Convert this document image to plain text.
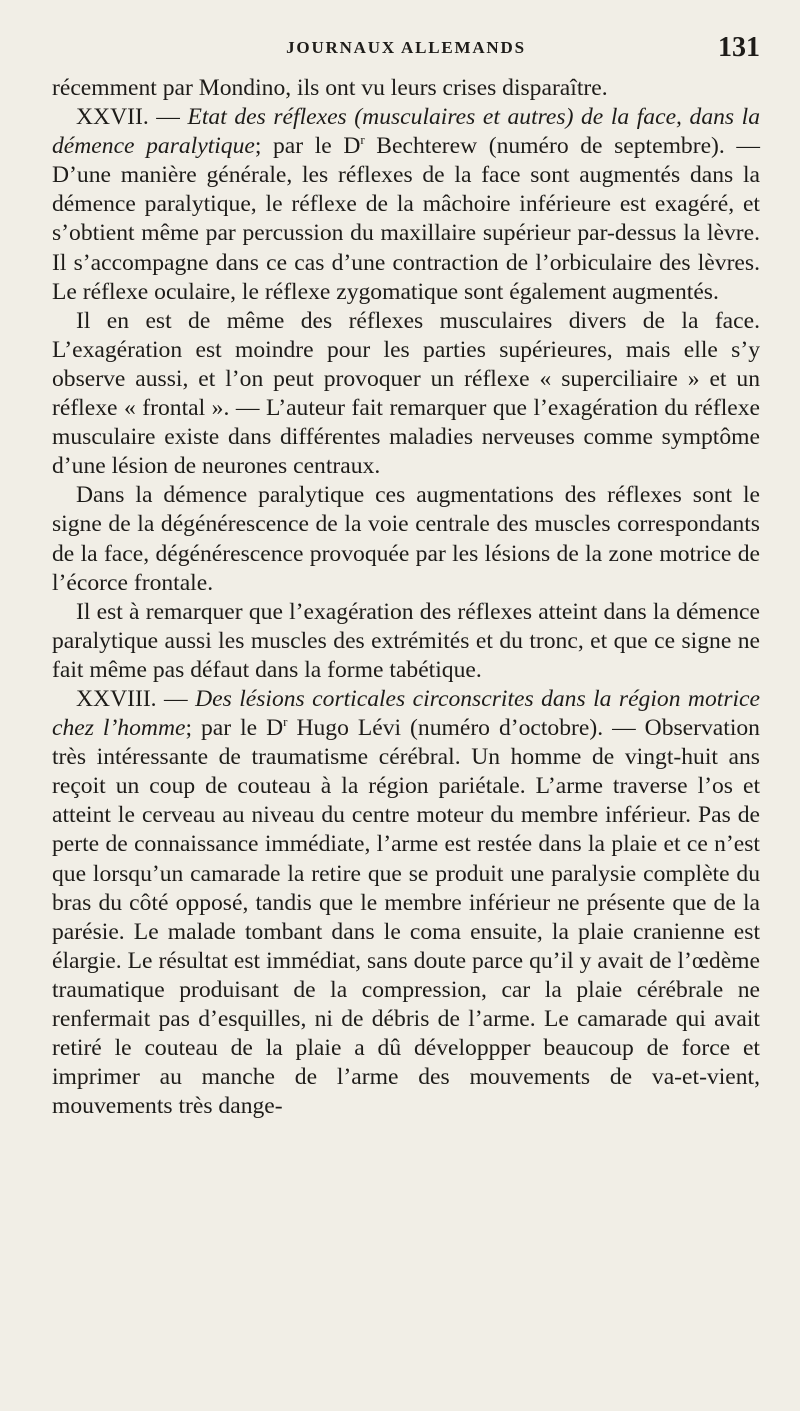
JOURNAUX ALLEMANDS	131

récemment par Mondino, ils ont vu leurs crises disparaître.

XXVII. — Etat des réflexes (musculaires et autres) de la face, dans la démence paralytique; par le $D^r$ Bechterew (numéro de septembre). — D’une manière générale, les réflexes de la face sont augmentés dans la démence paralytique, le réflexe de la mâchoire inférieure est exagéré, et s’obtient même par percussion du maxillaire supérieur par-dessus la lèvre. Il s’accompagne dans ce cas d’une contraction de l’orbiculaire des lèvres. Le réflexe oculaire, le réflexe zygomatique sont également augmentés.

Il en est de même des réflexes musculaires divers de la face. L’exagération est moindre pour les parties supérieures, mais elle s’y observe aussi, et l’on peut provoquer un réflexe « superciliaire » et un réflexe « frontal ». — L’auteur fait remarquer que l’exagération du réflexe musculaire existe dans différentes maladies nerveuses comme symptôme d’une lésion de neurones centraux.

Dans la démence paralytique ces augmentations des réflexes sont le signe de la dégénérescence de la voie centrale des muscles correspondants de la face, dégénérescence provoquée par les lésions de la zone motrice de l’écorce frontale.

Il est à remarquer que l’exagération des réflexes atteint dans la démence paralytique aussi les muscles des extrémités et du tronc, et que ce signe ne fait même pas défaut dans la forme tabétique.

XXVIII. — Des lésions corticales circonscrites dans la région motrice chez l’homme; par le $D^r$ Hugo Lévi (numéro d’octobre). — Observation très intéressante de traumatisme cérébral. Un homme de vingt-huit ans reçoit un coup de couteau à la région pariétale. L’arme traverse l’os et atteint le cerveau au niveau du centre moteur du membre inférieur. Pas de perte de connaissance immédiate, l’arme est restée dans la plaie et ce n’est que lorsqu’un camarade la retire que se produit une paralysie complète du bras du côté opposé, tandis que le membre inférieur ne présente que de la parésie. Le malade tombant dans le coma ensuite, la plaie cranienne est élargie. Le résultat est immédiat, sans doute parce qu’il y avait de l’œdème traumatique produisant de la compression, car la plaie cérébrale ne renfermait pas d’esquilles, ni de débris de l’arme. Le camarade qui avait retiré le couteau de la plaie a dû développper beaucoup de force et imprimer au manche de l’arme des mouvements de va-et-vient, mouvements très dange-
